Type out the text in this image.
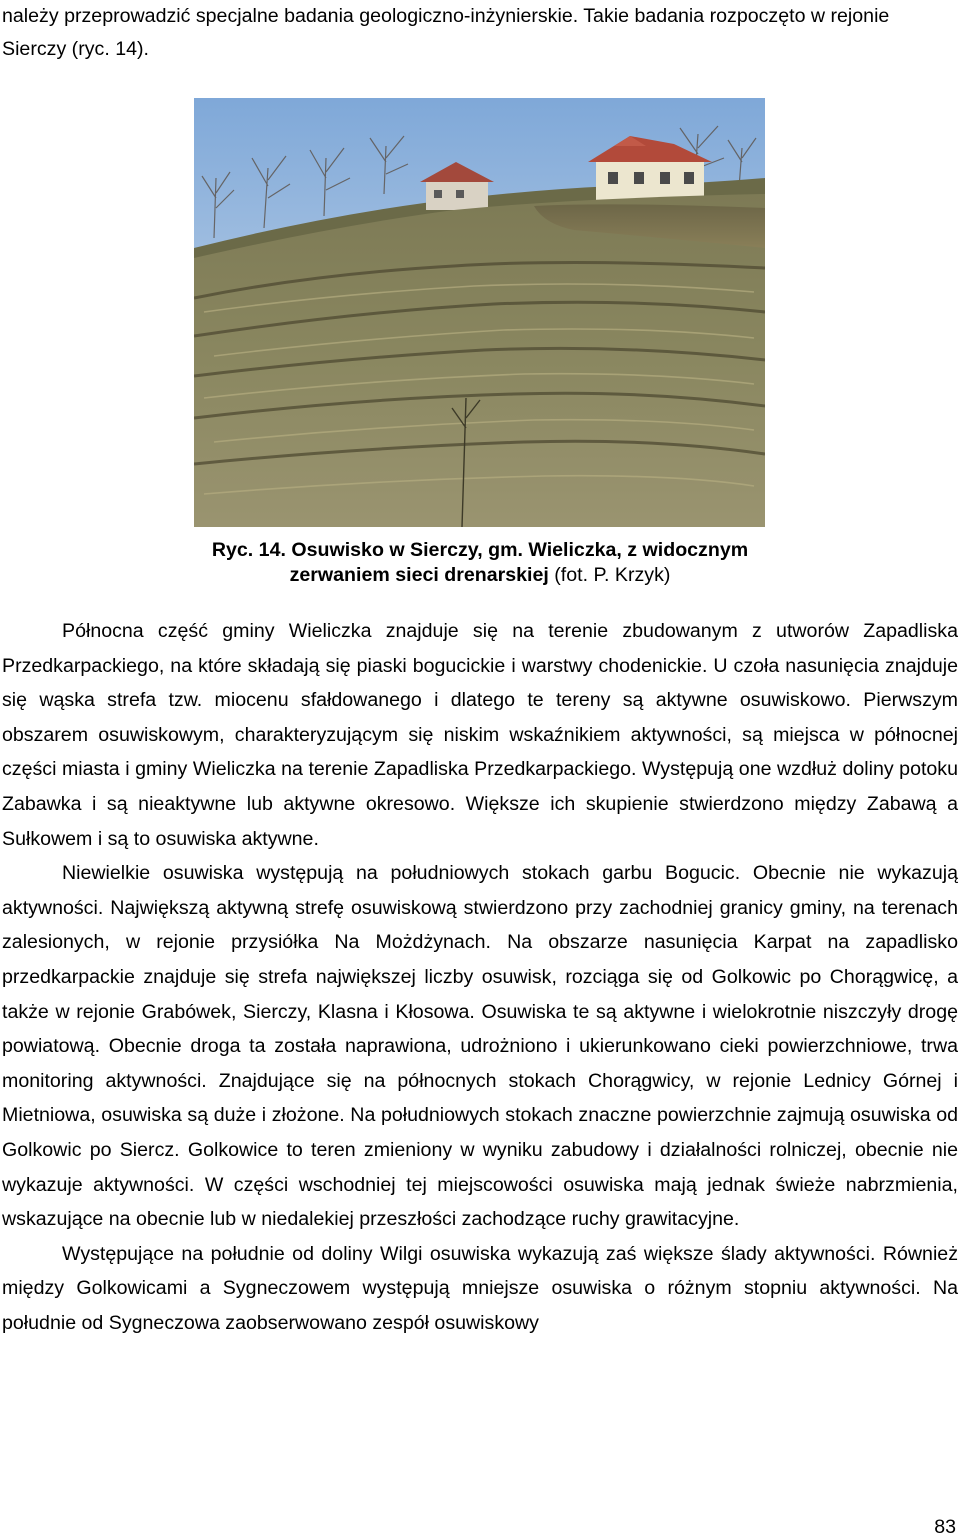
należy przeprowadzić specjalne badania geologiczno-inżynierskie. Takie badania rozpoczęto w rejonie Sierczy (ryc. 14).

Ryc. 14. Osuwisko w Sierczy, gm. Wieliczka, z widocznym zerwaniem sieci drenarskiej (fot. P. Krzyk)

Północna część gminy Wieliczka znajduje się na terenie zbudowanym z utworów Zapadliska Przedkarpackiego, na które składają się piaski bogucickie i warstwy chodenickie. U czoła nasunięcia znajduje się wąska strefa tzw. miocenu sfałdowanego i dlatego te tereny są aktywne osuwiskowo. Pierwszym obszarem osuwiskowym, charakteryzującym się niskim wskaźnikiem aktywności, są miejsca w północnej części miasta i gminy Wieliczka na terenie Zapadliska Przedkarpackiego. Występują one wzdłuż doliny potoku Zabawka i są nieaktywne lub aktywne okresowo. Większe ich skupienie stwierdzono między Zabawą a Sułkowem i są to osuwiska aktywne.

Niewielkie osuwiska występują na południowych stokach garbu Bogucic. Obecnie nie wykazują aktywności. Największą aktywną strefę osuwiskową stwierdzono przy zachodniej granicy gminy, na terenach zalesionych, w rejonie przysiółka Na Możdżynach. Na obszarze nasunięcia Karpat na zapadlisko przedkarpackie znajduje się strefa największej liczby osuwisk, rozciąga się od Golkowic po Chorągwicę, a także w rejonie Grabówek, Sierczy, Klasna i Kłosowa. Osuwiska te są aktywne i wielokrotnie niszczyły drogę powiatową. Obecnie droga ta została naprawiona, udrożniono i ukierunkowano cieki powierzchniowe, trwa monitoring aktywności. Znajdujące się na północnych stokach Chorągwicy, w rejonie Lednicy Górnej i Mietniowa, osuwiska są duże i złożone. Na południowych stokach znaczne powierzchnie zajmują osuwiska od Golkowic po Siercz. Golkowice to teren zmieniony w wyniku zabudowy i działalności rolniczej, obecnie nie wykazuje aktywności. W części wschodniej tej miejscowości osuwiska mają jednak świeże nabrzmienia, wskazujące na obecnie lub w niedalekiej przeszłości zachodzące ruchy grawitacyjne.

Występujące na południe od doliny Wilgi osuwiska wykazują zaś większe ślady aktywności. Również między Golkowicami a Sygneczowem występują mniejsze osuwiska o różnym stopniu aktywności. Na południe od Sygneczowa zaobserwowano zespół osuwiskowy

83
